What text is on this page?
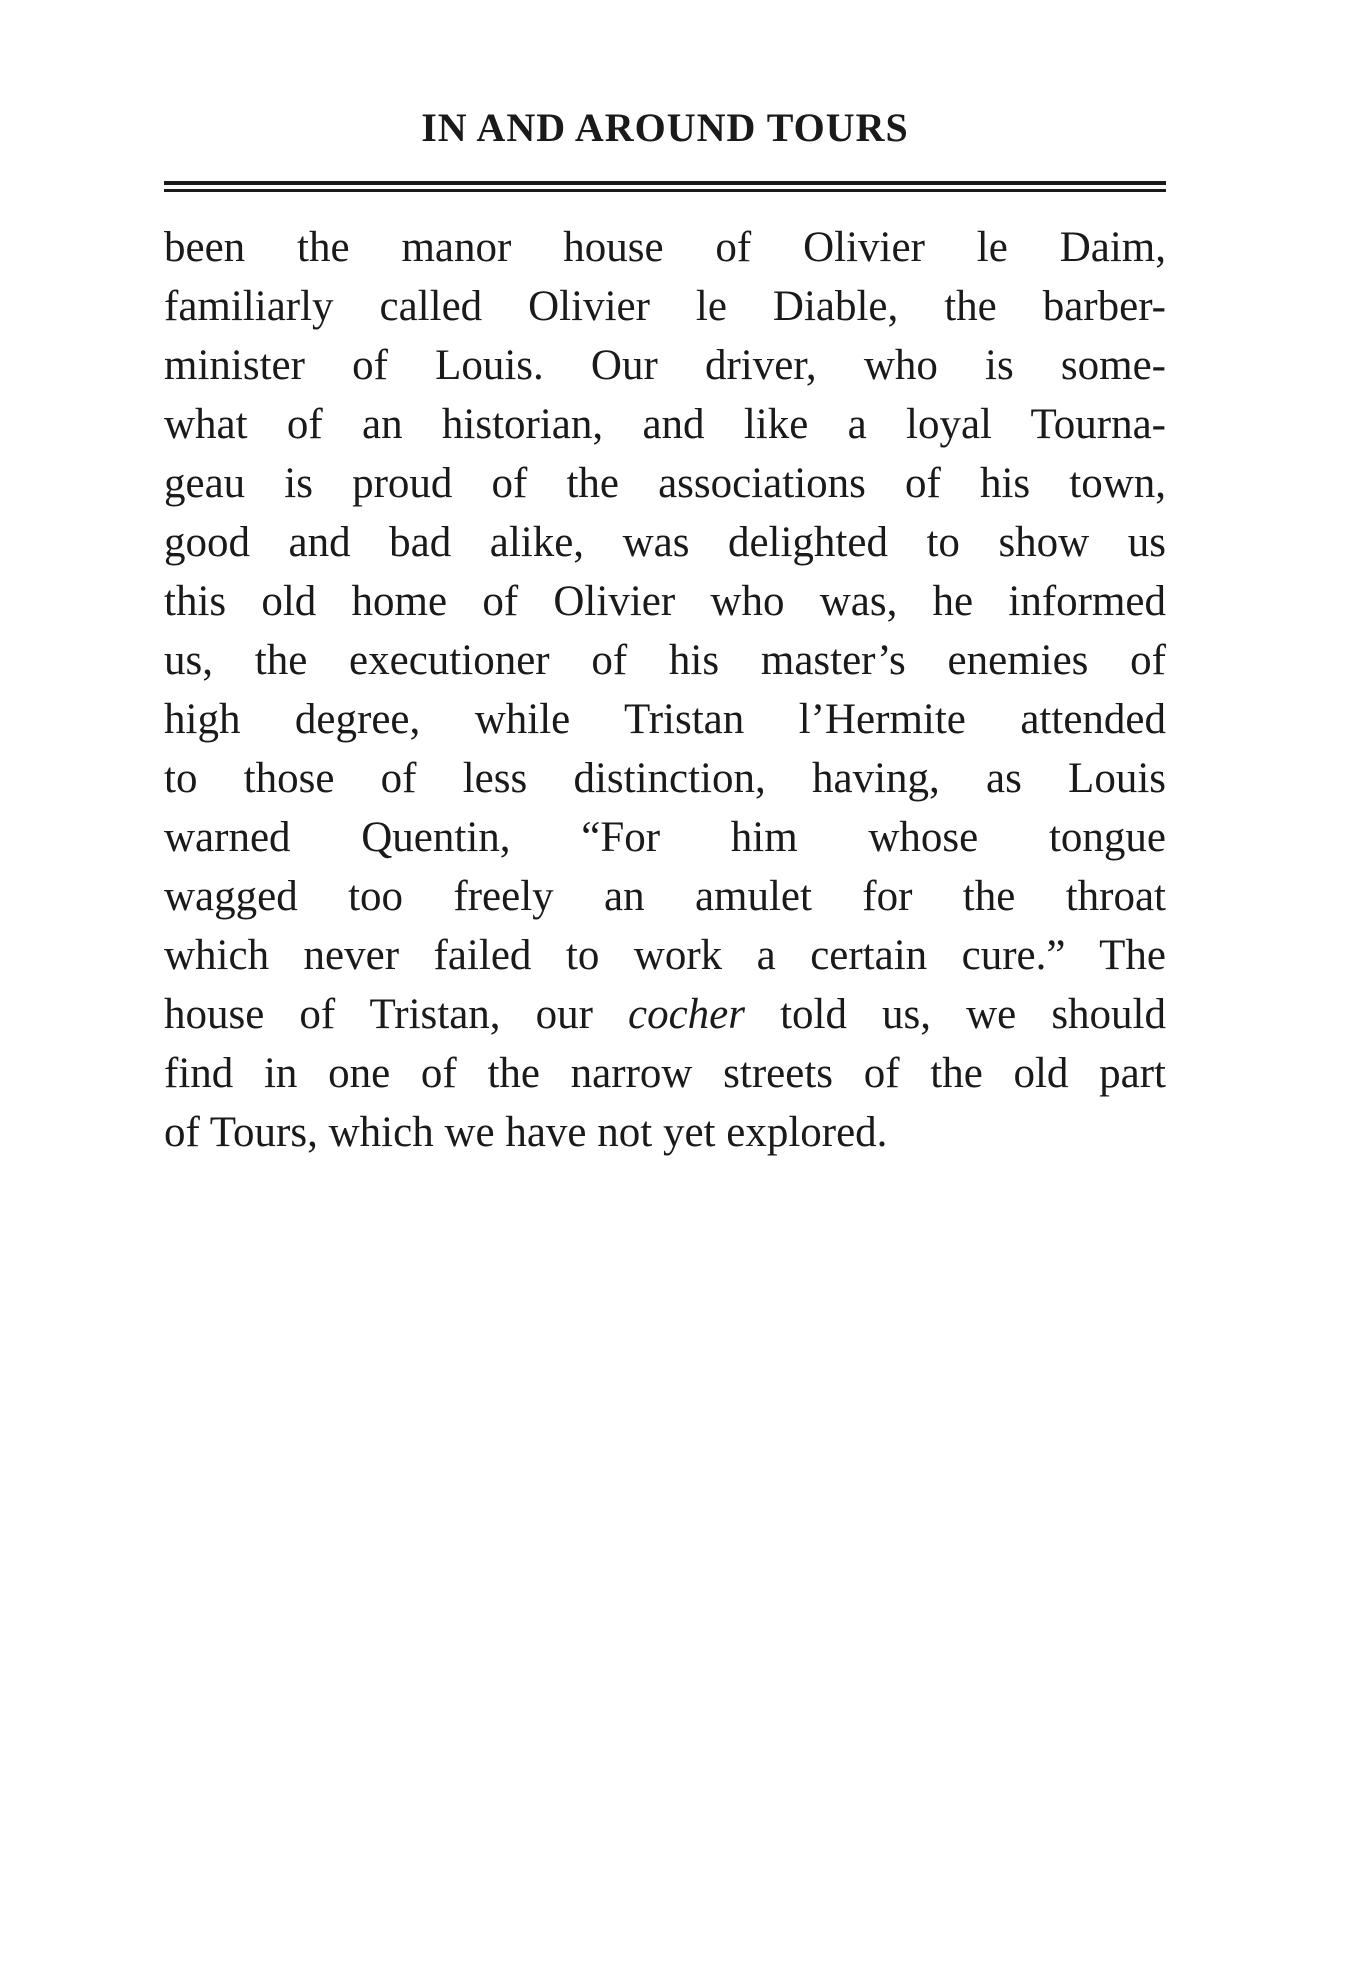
IN AND AROUND TOURS
been the manor house of Olivier le Daim,
familiarly called Olivier le Diable, the barber-
minister of Louis. Our driver, who is some-
what of an historian, and like a loyal Tourna-
geau is proud of the associations of his town,
good and bad alike, was delighted to show us
this old home of Olivier who was, he informed
us, the executioner of his master’s enemies of
high degree, while Tristan l’Hermite attended
to those of less distinction, having, as Louis
warned Quentin, “For him whose tongue
wagged too freely an amulet for the throat
which never failed to work a certain cure.” The
house of Tristan, our cocher told us, we should
find in one of the narrow streets of the old part
of Tours, which we have not yet explored.
